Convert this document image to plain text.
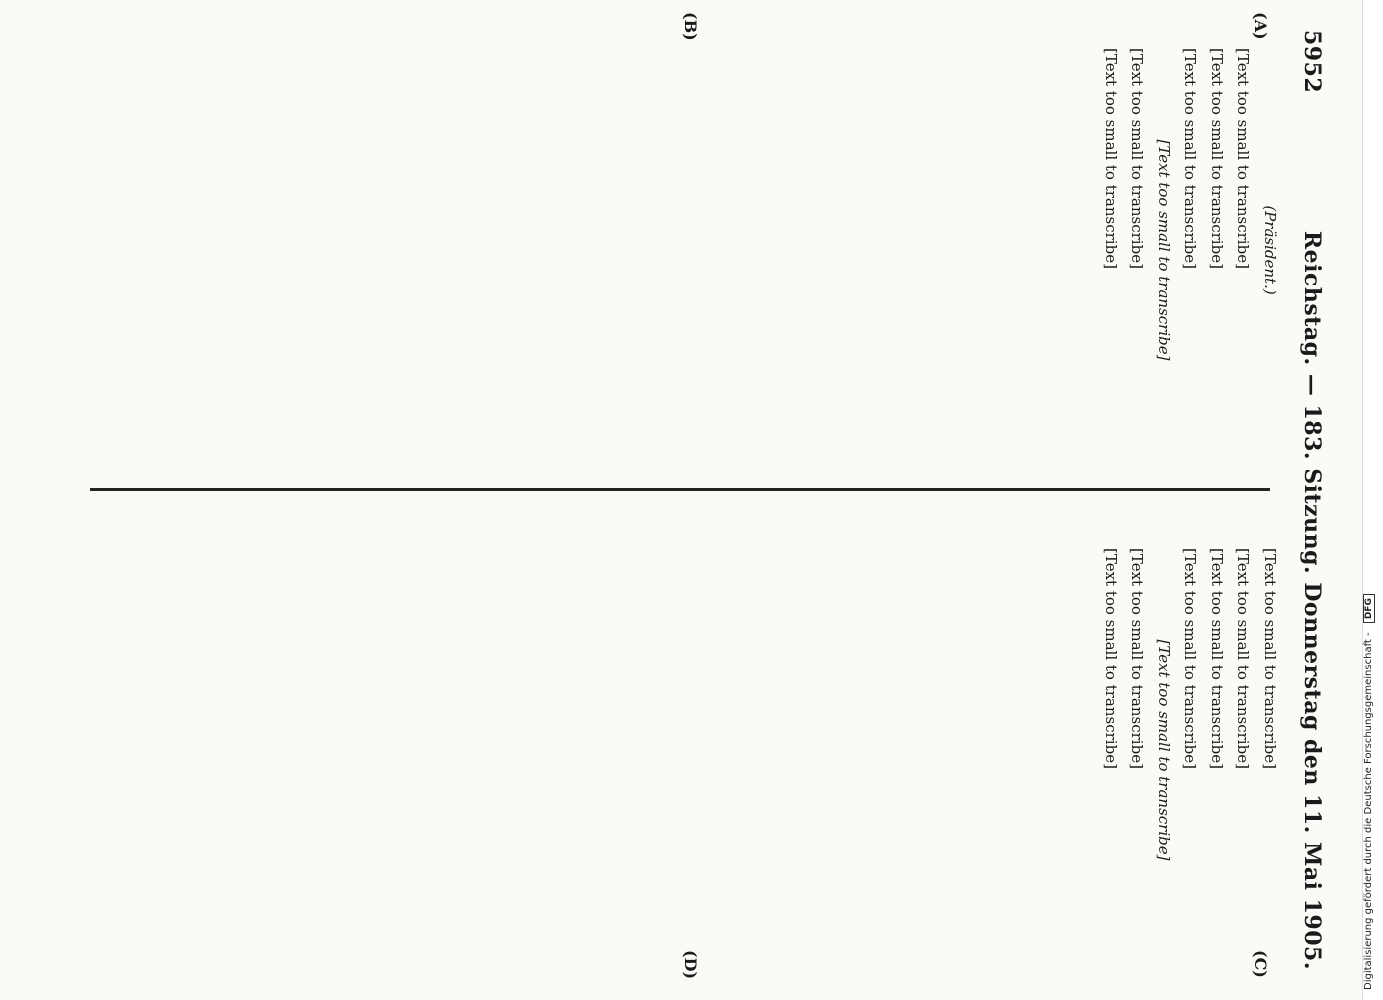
5952
Reichstag. — 183. Sitzung. Donnerstag den 11. Mai 1905.
(A)
(B)
(C)
(D)

(Präsident.)

[Text too small to transcribe]

[Text too small to transcribe]

[Text too small to transcribe]

[Text too small to transcribe]

[Text too small to transcribe]

[Text too small to transcribe]

[Text too small to transcribe]

[Text too small to transcribe]

[Text too small to transcribe]

[Text too small to transcribe]

[Text too small to transcribe]

[Text too small to transcribe]

[Text too small to transcribe]	Digitalisierung gefördert durch die Deutsche Forschungsgemeinschaft - DFG
